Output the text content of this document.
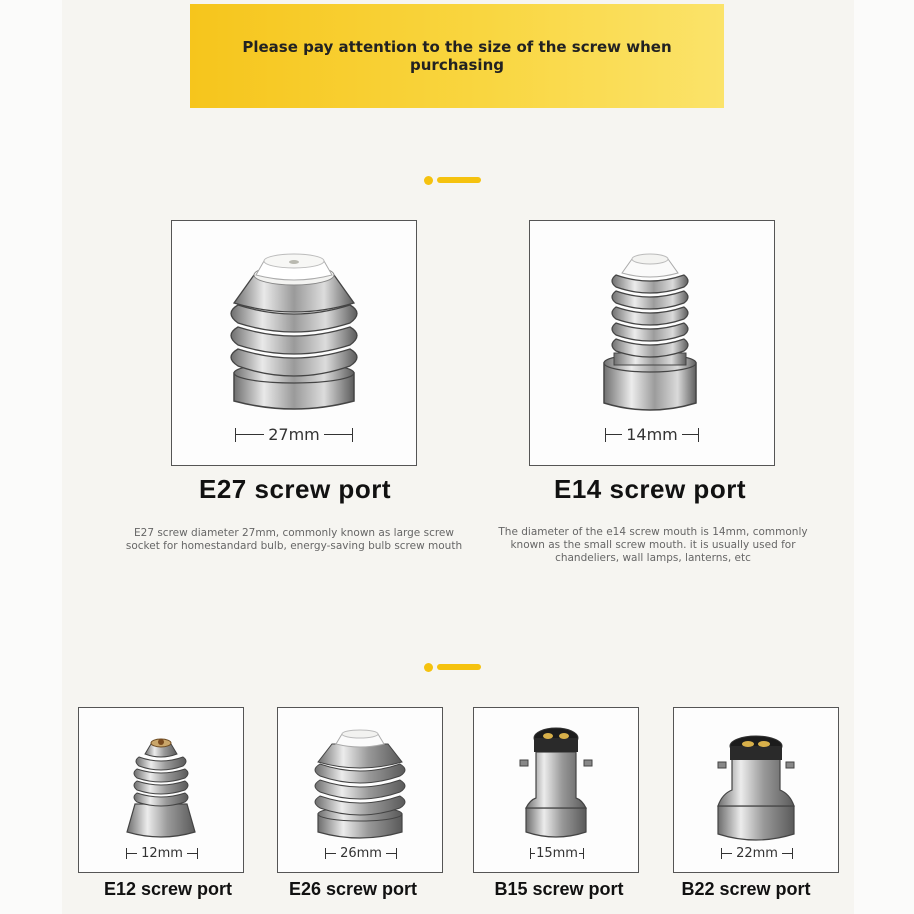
Please pay attention to the size of the screw when purchasing
27mm	14mm
E27 screw port	E14 screw port
E27 screw diameter 27mm, commonly known as large screw socket for homestandard bulb, energy-saving bulb screw mouth
The diameter of the e14 screw mouth is 14mm, commonly known as the small screw mouth. it is usually used for chandeliers, wall lamps, lanterns, etc
12mm	26mm	15mm	22mm
E12 screw port	E26 screw port	B15 screw port	B22 screw port
